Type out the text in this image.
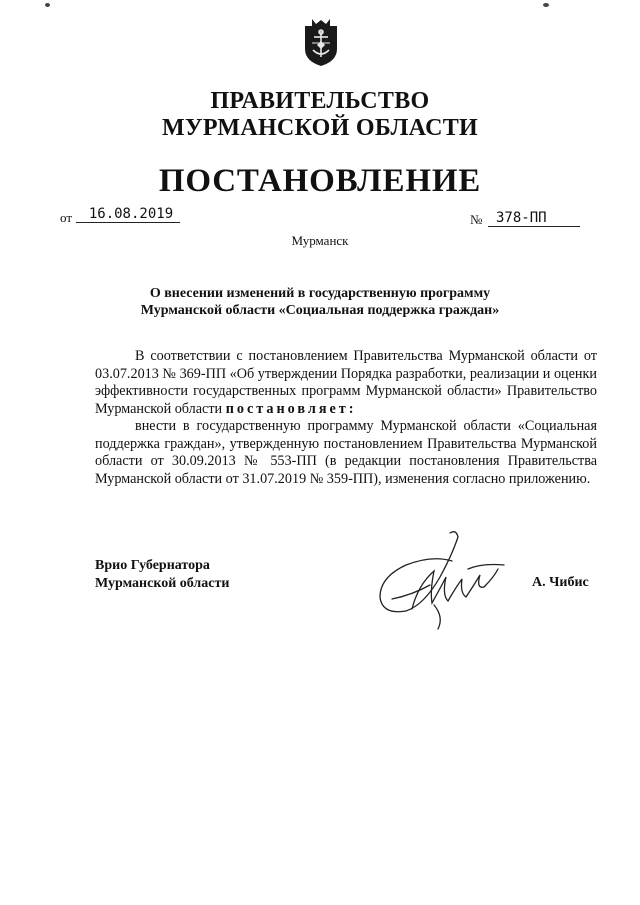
ПРАВИТЕЛЬСТВО
МУРМАНСКОЙ ОБЛАСТИ
ПОСТАНОВЛЕНИЕ
от	16.08.2019	№ 378-ПП
Мурманск
О внесении изменений в государственную программу
Мурманской области «Социальная поддержка граждан»

В соответствии с постановлением Правительства Мурманской области от 03.07.2013 № 369-ПП «Об утверждении Порядка разработки, реализации и оценки эффективности государственных программ Мурманской области» Правительство Мурманской области постановляет:

внести в государственную программу Мурманской области «Социальная поддержка граждан», утвержденную постановлением Правительства Мурманской области от 30.09.2013 № 553-ПП (в редакции постановления Правительства Мурманской области от 31.07.2019 № 359-ПП), изменения согласно приложению.

Врио Губернатора
Мурманской области	А. Чибис
